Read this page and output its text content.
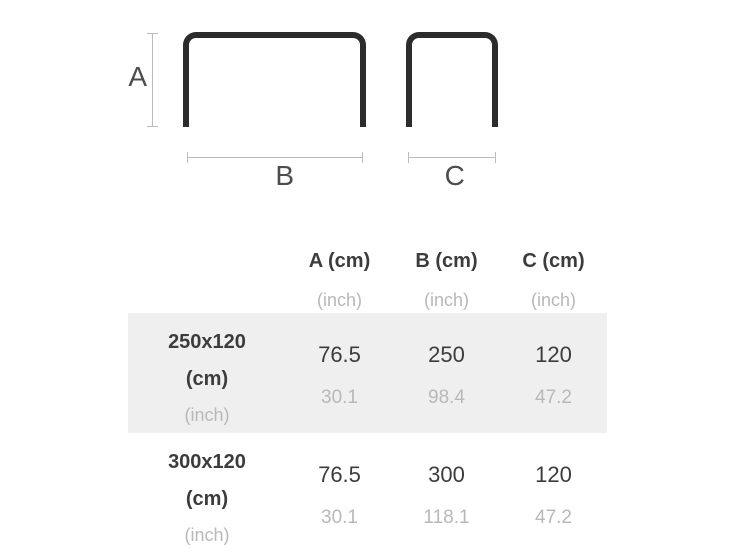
A
B	C
A (cm)
(inch)
B (cm)
(inch)
C (cm)
(inch)
250x120
(cm)
(inch)
76.5
30.1
250
98.4
120
47.2
300x120
(cm)
(inch)
76.5
30.1
300
118.1
120
47.2
